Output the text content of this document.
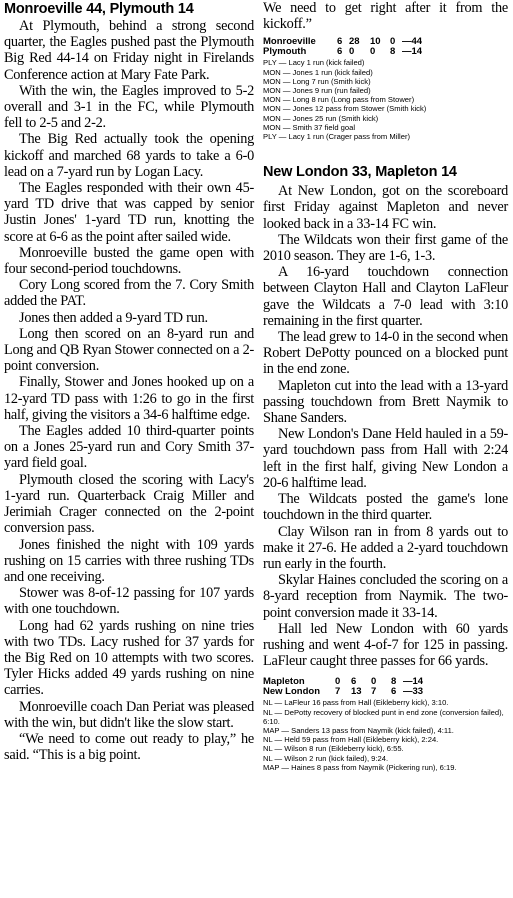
Monroeville 44, Plymouth 14

At Plymouth, behind a strong second quarter, the Eagles pushed past the Plymouth Big Red 44-14 on Friday night in Firelands Conference action at Mary Fate Park.

With the win, the Eagles improved to 5-2 overall and 3-1 in the FC, while Plymouth fell to 2-5 and 2-2.

The Big Red actually took the opening kickoff and marched 68 yards to take a 6-0 lead on a 7-yard run by Logan Lacy.

The Eagles responded with their own 45-yard TD drive that was capped by senior Justin Jones' 1-yard TD run, knotting the score at 6-6 as the point after sailed wide.

Monroeville busted the game open with four second-period touchdowns.

Cory Long scored from the 7. Cory Smith added the PAT.

Jones then added a 9-yard TD run.

Long then scored on an 8-yard run and Long and QB Ryan Stower connected on a 2-point conversion.

Finally, Stower and Jones hooked up on a 12-yard TD pass with 1:26 to go in the first half, giving the visitors a 34-6 halftime edge.

The Eagles added 10 third-quarter points on a Jones 25-yard run and Cory Smith 37-yard field goal.

Plymouth closed the scoring with Lacy's 1-yard run. Quarterback Craig Miller and Jerimiah Crager connected on the 2-point conversion pass.

Jones finished the night with 109 yards rushing on 15 carries with three rushing TDs and one receiving.

Stower was 8-of-12 passing for 107 yards with one touchdown.

Long had 62 yards rushing on nine tries with two TDs. Lacy rushed for 37 yards for the Big Red on 10 attempts with two scores. Tyler Hicks added 49 yards rushing on nine carries.

Monroeville coach Dan Periat was pleased with the win, but didn't like the slow start.

“We need to come out ready to play,” he said. “This is a big point.

We need to get right after it from the kickoff.”

Monroeville	6	28	10	0	—44
Plymouth	6	0	0	8	—14
PLY — Lacy 1 run (kick failed)
MON — Jones 1 run (kick failed)
MON — Long 7 run (Smith kick)
MON — Jones 9 run (run failed)
MON — Long 8 run (Long pass from Stower)
MON — Jones 12 pass from Stower (Smith kick)
MON — Jones 25 run (Smith kick)
MON — Smith 37 field goal
PLY — Lacy 1 run (Crager pass from Miller)
New London 33, Mapleton 14

At New London, got on the scoreboard first Friday against Mapleton and never looked back in a 33-14 FC win.

The Wildcats won their first game of the 2010 season. They are 1-6, 1-3.

A 16-yard touchdown connection between Clayton Hall and Clayton LaFleur gave the Wildcats a 7-0 lead with 3:10 remaining in the first quarter.

The lead grew to 14-0 in the second when Robert DePotty pounced on a blocked punt in the end zone.

Mapleton cut into the lead with a 13-yard passing touchdown from Brett Naymik to Shane Sanders.

New London's Dane Held hauled in a 59-yard touchdown pass from Hall with 2:24 left in the first half, giving New London a 20-6 halftime lead.

The Wildcats posted the game's lone touchdown in the third quarter.

Clay Wilson ran in from 8 yards out to make it 27-6. He added a 2-yard touchdown run early in the fourth.

Skylar Haines concluded the scoring on a 8-yard reception from Naymik. The two-point conversion made it 33-14.

Hall led New London with 60 yards rushing and went 4-of-7 for 125 in passing. LaFleur caught three passes for 66 yards.

Mapleton	0	6	0	8	—14
New London	7	13	7	6	—33
NL — LaFleur 16 pass from Hall (Eikleberry kick), 3:10.
NL — DePotty recovery of blocked punt in end zone (conversion failed), 6:10.
MAP — Sanders 13 pass from Naymik (kick failed), 4:11.
NL — Held 59 pass from Hall (Eikleberry kick), 2:24.
NL — Wilson 8 run (Eikleberry kick), 6:55.
NL — Wilson 2 run (kick failed), 9:24.
MAP — Haines 8 pass from Naymik (Pickering run), 6:19.
